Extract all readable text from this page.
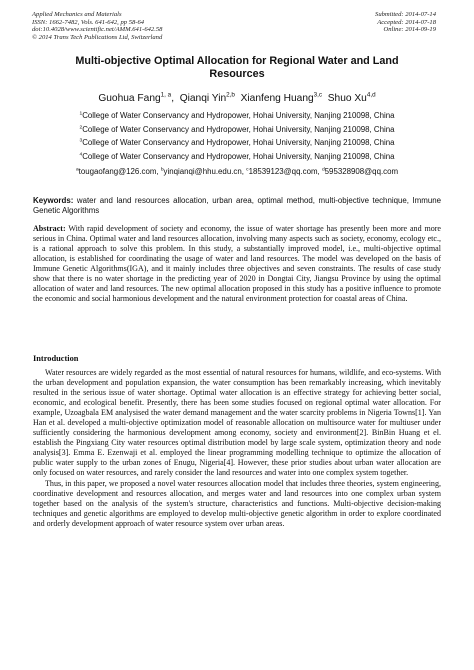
Applied Mechanics and Materials
ISSN: 1662-7482, Vols. 641-642, pp 58-64
doi:10.4028/www.scientific.net/AMM.641-642.58
© 2014 Trans Tech Publications Ltd, Switzerland
Submitted: 2014-07-14
Accepted: 2014-07-18
Online: 2014-09-19
Multi-objective Optimal Allocation for Regional Water and Land
Resources
Guohua Fang$^{1, a}$,  Qianqi Yin$^{2,b}$ Xianfeng Huang$^{3,c}$ Shuo Xu$^{4,d}$
$^1$College of Water Conservancy and Hydropower, Hohai University, Nanjing 210098, China
$^2$College of Water Conservancy and Hydropower, Hohai University, Nanjing 210098, China
$^3$College of Water Conservancy and Hydropower, Hohai University, Nanjing 210098, China
$^4$College of Water Conservancy and Hydropower, Hohai University, Nanjing 210098, China
$^a$tougaofang@126.com, $^b$yinqianqi@hhu.edu.cn, $^c$18539123@qq.com, $^d$595328908@qq.com
Keywords: water and land resources allocation, urban area, optimal method, multi-objective technique, Immune Genetic Algorithms
Abstract: With rapid development of society and economy, the issue of water shortage has presently been more and more serious in China. Optimal water and land resources allocation, involving many aspects such as society, economy, ecology etc., is a rational approach to solve this problem. In this study, a substantially improved model, i.e., multi-objective optimal allocation, is established for coordinating the usage of water and land resources. The model was developed on the basis of Immune Genetic Algorithms(IGA), and it mainly includes three objectives and seven constraints. The results of case study show that there is no water shortage in the predicting year of 2020 in Dongtai City, Jiangsu Province by using the optimal allocation of water and land resources. The new optimal allocation proposed in this study has a positive influence to promote the economic and social harmonious development and the natural environment protection for coastal areas of China.
Introduction

Water resources are widely regarded as the most essential of natural resources for humans, wildlife, and eco-systems. With the urban development and population expansion, the water consumption has been remarkably increasing, which inevitably resulted in the serious issue of water shortage. Optimal water allocation is an effective strategy for achieving better social, economic, and ecological benefit. Presently, there has been some studies focused on regional optimal water allocation. For example, Uzoagbala EM analysised the water demand management and the water scarcity problems in Nigeria Towns[1]. Yan Han et al. developed a multi-objective optimization model of reasonable allocation on multisource water for multiuser under sufficiently considering the harmonious development among economy, society and environment[2]. BinBin Huang et el. establish the Pingxiang City water resources optimal distribution model by large scale system, optimization theory and node analysis[3]. Emma E. Ezenwaji et al. employed the linear programming modelling technique to optimize the allocation of public water supply to the urban zones of Enugu, Nigeria[4]. However, these prior studies about urban water allocation are only focused on water resources, and rarely consider the land resources and water into one complex system together.

Thus, in this paper, we proposed a novel water resources allocation model that includes three theories, system engineering, coordinative development and resources allocation, and merges water and land resources into one complex urban system together based on the analysis of the system's structure, characteristics and functions. Multi-objective decision-making techniques and genetic algorithms are employed to develop multi-objective genetic algorithm in order to explore coordinated and orderly development approach of water resource system over urban areas.
